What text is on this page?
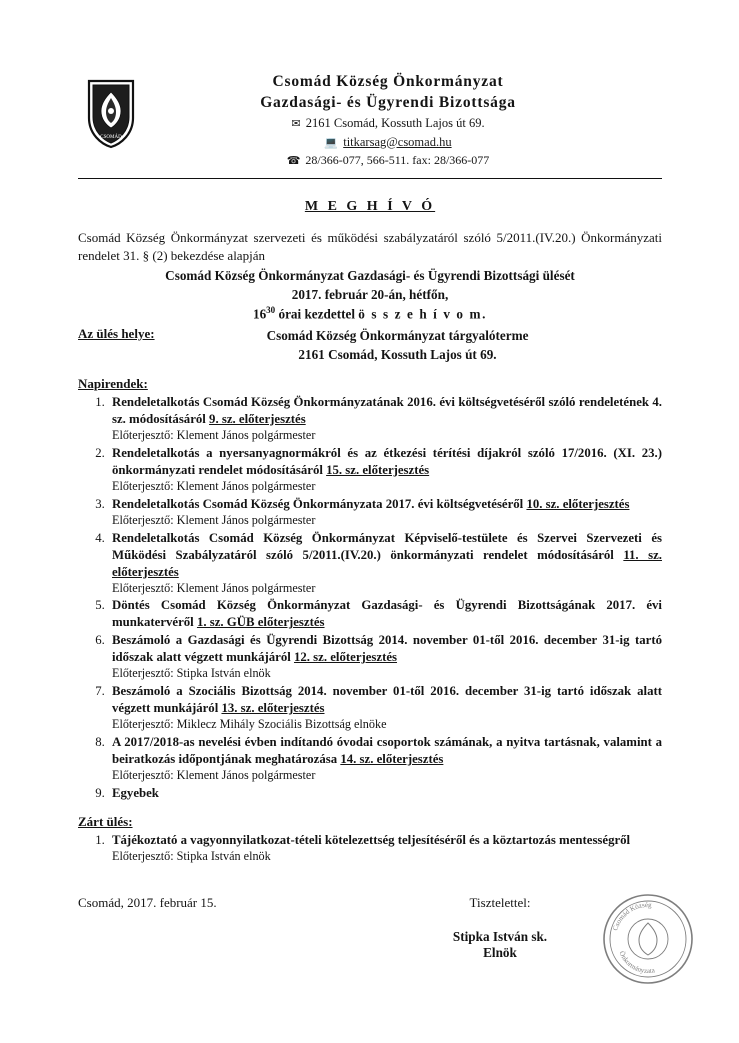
CSOMÁD
Csomád Község Önkormányzat
Gazdasági- és Ügyrendi Bizottsága
✉ 2161 Csomád, Kossuth Lajos út 69.
💻 titkarsag@csomad.hu
☎ 28/366-077, 566-511. fax: 28/366-077
M E G H Í V Ó
Csomád Község Önkormányzat szervezeti és működési szabályzatáról szóló 5/2011.(IV.20.) Önkormányzati rendelet 31. § (2) bekezdése alapján
Csomád Község Önkormányzat Gazdasági- és Ügyrendi Bizottsági ülését
2017. február 20-án, hétfőn,
$16^{30}$ órai kezdettel ö s s z e h í v o m.
Az ülés helye:	Csomád Község Önkormányzat tárgyalóterme
2161 Csomád, Kossuth Lajos út 69.
Napirendek:
1. Rendeletalkotás Csomád Község Önkormányzatának 2016. évi költségvetéséről szóló rendeletének 4. sz. módosításáról 9. sz. előterjesztés
Előterjesztő: Klement János polgármester
2. Rendeletalkotás a nyersanyagnormákról és az étkezési térítési díjakról szóló 17/2016. (XI. 23.) önkormányzati rendelet módosításáról 15. sz. előterjesztés
Előterjesztő: Klement János polgármester
3. Rendeletalkotás Csomád Község Önkormányzata 2017. évi költségvetéséről 10. sz. előterjesztés
Előterjesztő: Klement János polgármester
4. Rendeletalkotás Csomád Község Önkormányzat Képviselő-testülete és Szervei Szervezeti és Működési Szabályzatáról szóló 5/2011.(IV.20.) önkormányzati rendelet módosításáról 11. sz. előterjesztés
Előterjesztő: Klement János polgármester
5. Döntés Csomád Község Önkormányzat Gazdasági- és Ügyrendi Bizottságának 2017. évi munkatervéről 1. sz. GÜB előterjesztés
6. Beszámoló a Gazdasági és Ügyrendi Bizottság 2014. november 01-től 2016. december 31-ig tartó időszak alatt végzett munkájáról 12. sz. előterjesztés
Előterjesztő: Stipka István elnök
7. Beszámoló a Szociális Bizottság 2014. november 01-től 2016. december 31-ig tartó időszak alatt végzett munkájáról 13. sz. előterjesztés
Előterjesztő: Miklecz Mihály Szociális Bizottság elnöke
8. A 2017/2018-as nevelési évben indítandó óvodai csoportok számának, a nyitva tartásnak, valamint a beiratkozás időpontjának meghatározása 14. sz. előterjesztés
Előterjesztő: Klement János polgármester
9. Egyebek
Zárt ülés:
1. Tájékoztató a vagyonnyilatkozat-tételi kötelezettség teljesítéséről és a köztartozás mentességről
Előterjesztő: Stipka István elnök
Csomád, 2017. február 15.	Tisztelettel:
Stipka István sk.
Elnök
Csomád Község
Önkormányzata
